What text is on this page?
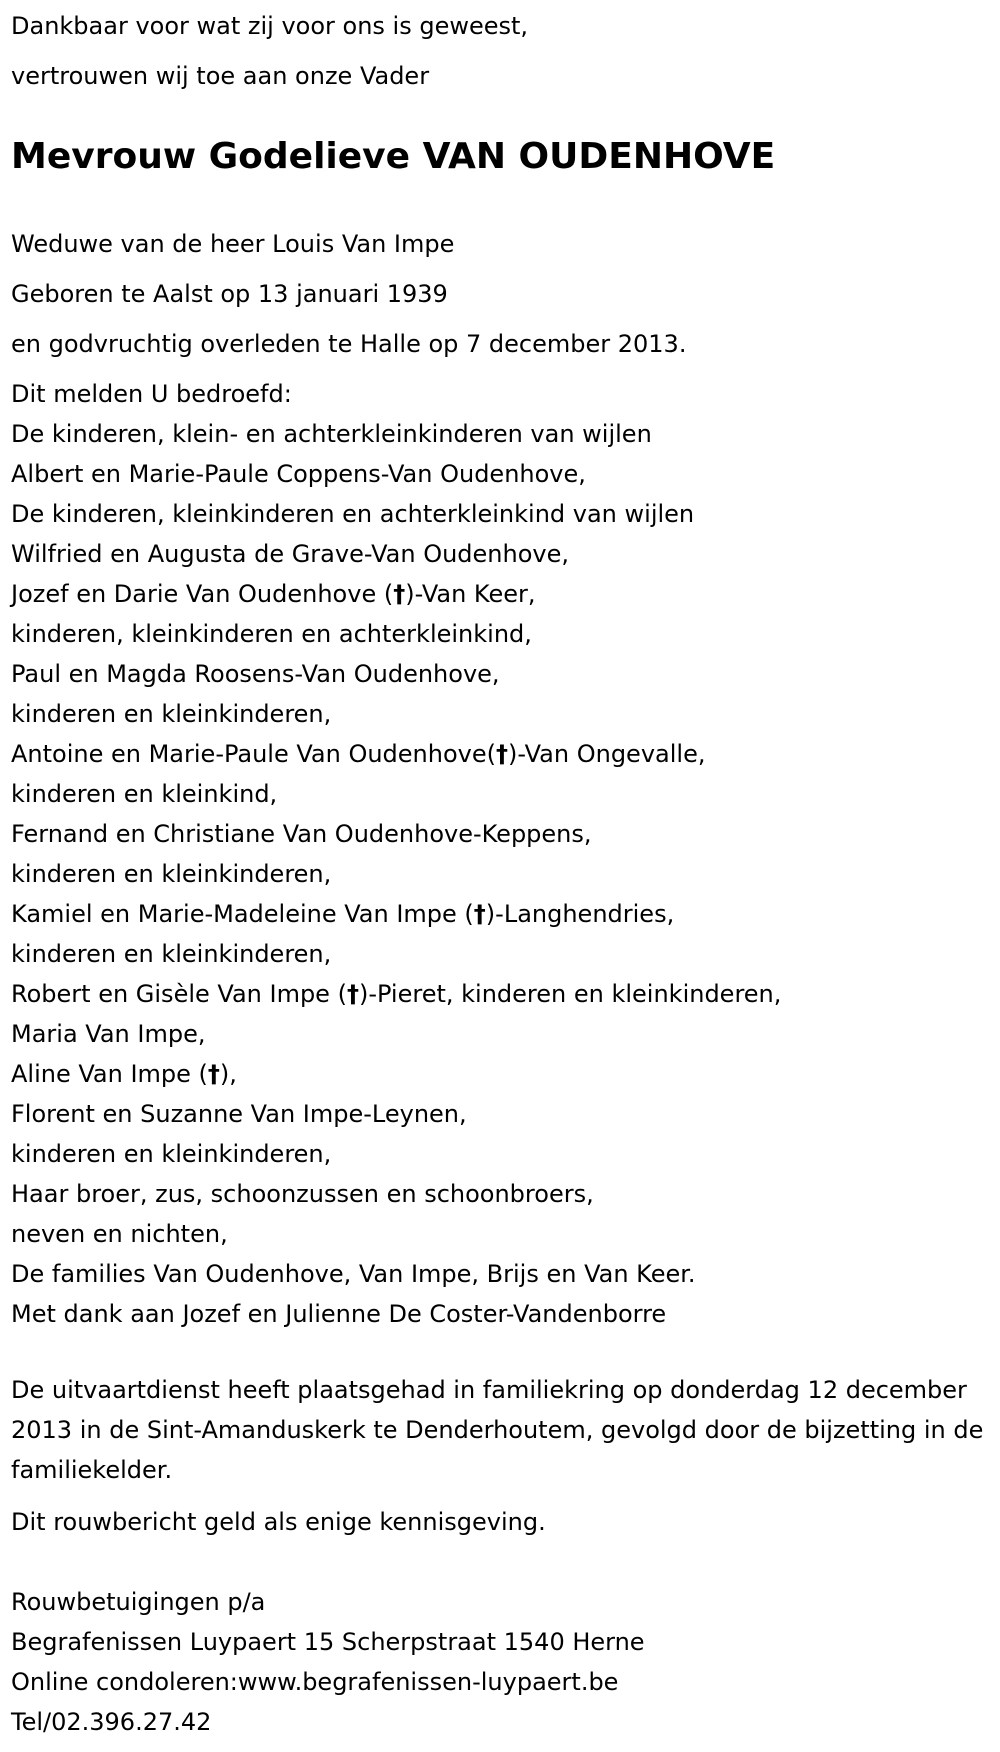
Dankbaar voor wat zij voor ons is geweest,

vertrouwen wij toe aan onze Vader

Mevrouw Godelieve VAN OUDENHOVE

Weduwe van de heer Louis Van Impe

Geboren te Aalst op 13 januari 1939

en godvruchtig overleden te Halle op 7 december 2013.

Dit melden U bedroefd:

De kinderen, klein- en achterkleinkinderen van wijlen

Albert en Marie-Paule Coppens-Van Oudenhove,

De kinderen, kleinkinderen en achterkleinkind van wijlen

Wilfried en Augusta de Grave-Van Oudenhove,

Jozef en Darie Van Oudenhove (†)-Van Keer,

kinderen, kleinkinderen en achterkleinkind,

Paul en Magda Roosens-Van Oudenhove,

kinderen en kleinkinderen,

Antoine en Marie-Paule Van Oudenhove(†)-Van Ongevalle,

kinderen en kleinkind,

Fernand en Christiane Van Oudenhove-Keppens,

kinderen en kleinkinderen,

Kamiel en Marie-Madeleine Van Impe (†)-Langhendries,

kinderen en kleinkinderen,

Robert en Gisèle Van Impe (†)-Pieret, kinderen en kleinkinderen,

Maria Van Impe,

Aline Van Impe (†),

Florent en Suzanne Van Impe-Leynen,

kinderen en kleinkinderen,

Haar broer, zus, schoonzussen en schoonbroers,

neven en nichten,

De families Van Oudenhove, Van Impe, Brijs en Van Keer.

Met dank aan Jozef en Julienne De Coster-Vandenborre

De uitvaartdienst heeft plaatsgehad in familiekring op donderdag 12 december 2013 in de Sint-Amanduskerk te Denderhoutem, gevolgd door de bijzetting in de familiekelder.

Dit rouwbericht geld als enige kennisgeving.

Rouwbetuigingen p/a

Begrafenissen Luypaert 15 Scherpstraat 1540 Herne

Online condoleren:www.begrafenissen-luypaert.be

Tel/02.396.27.42
